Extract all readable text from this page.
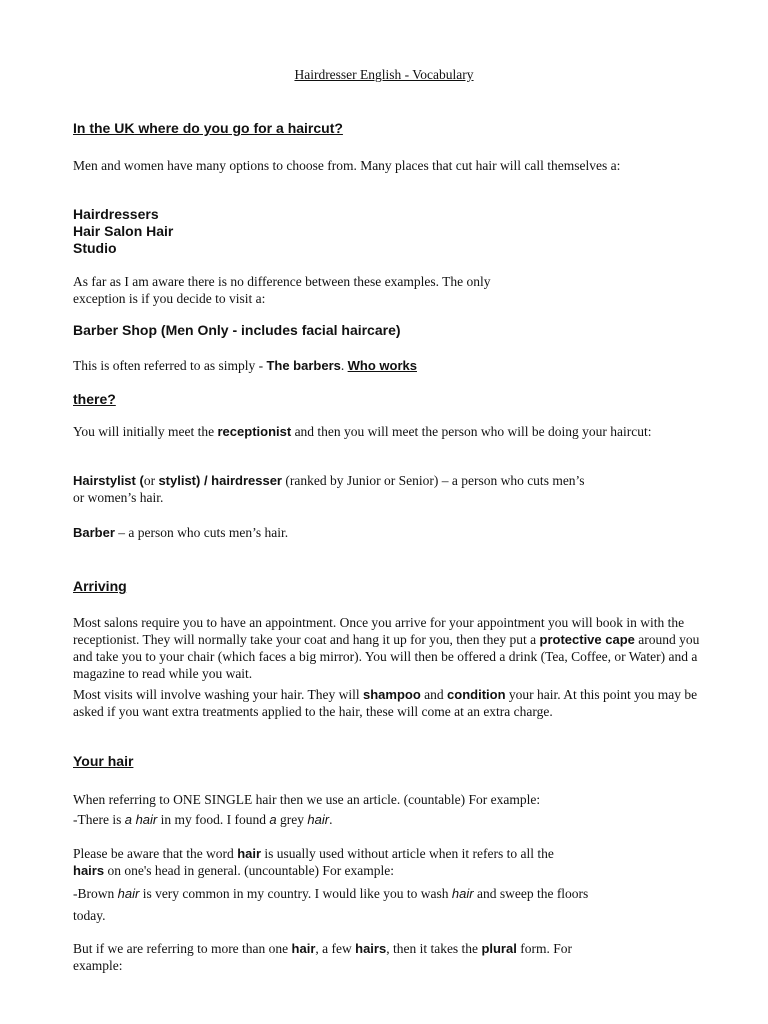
Hairdresser English - Vocabulary
In the UK where do you go for a haircut?
Men and women have many options to choose from. Many places that cut hair will call themselves a:
Hairdressers
Hair Salon Hair
Studio
As far as I am aware there is no difference between these examples. The only
exception is if you decide to visit a:
Barber Shop (Men Only - includes facial haircare)
This is often referred to as simply - The barbers. Who works
there?
You will initially meet the receptionist and then you will meet the person who will be doing your haircut:
Hairstylist (or stylist) / hairdresser (ranked by Junior or Senior) – a person who cuts men’s
or women’s hair.
Barber – a person who cuts men’s hair.
Arriving
Most salons require you to have an appointment. Once you arrive for your appointment you will book in with the receptionist. They will normally take your coat and hang it up for you, then they put a protective cape around you and take you to your chair (which faces a big mirror). You will then be offered a drink (Tea, Coffee, or Water) and a magazine to read while you wait.
Most visits will involve washing your hair. They will shampoo and condition your hair. At this point you may be asked if you want extra treatments applied to the hair, these will come at an extra charge.
Your hair
When referring to ONE SINGLE hair then we use an article. (countable) For example:
-There is a hair in my food. I found a grey hair.
Please be aware that the word hair is usually used without article when it refers to all the
hairs on one's head in general. (uncountable) For example:
-Brown hair is very common in my country. I would like you to wash hair and sweep the floors
today.
But if we are referring to more than one hair, a few hairs, then it takes the plural form. For
example:
